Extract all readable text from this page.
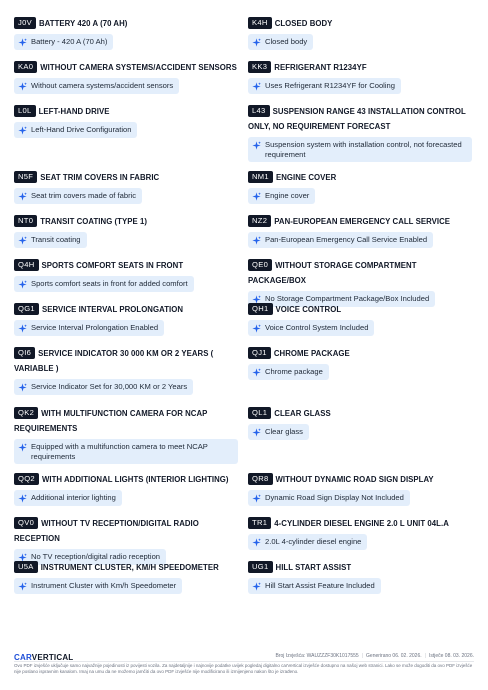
J0V BATTERY 420 A (70 AH)
Battery - 420 A (70 Ah)
K4H CLOSED BODY
Closed body
KA0 WITHOUT CAMERA SYSTEMS/ACCIDENT SENSORS
Without camera systems/accident sensors
KK3 REFRIGERANT R1234YF
Uses Refrigerant R1234YF for Cooling
L0L LEFT-HAND DRIVE
Left-Hand Drive Configuration
L43 SUSPENSION RANGE 43 INSTALLATION CONTROL ONLY, NO REQUIREMENT FORECAST
Suspension system with installation control, not forecasted requirement
N5F SEAT TRIM COVERS IN FABRIC
Seat trim covers made of fabric
NM1 ENGINE COVER
Engine cover
NT0 TRANSIT COATING (TYPE 1)
Transit coating
NZ2 PAN-EUROPEAN EMERGENCY CALL SERVICE
Pan-European Emergency Call Service Enabled
Q4H SPORTS COMFORT SEATS IN FRONT
Sports comfort seats in front for added comfort
QE0 WITHOUT STORAGE COMPARTMENT PACKAGE/BOX
No Storage Compartment Package/Box Included
QG1 SERVICE INTERVAL PROLONGATION
Service Interval Prolongation Enabled
QH1 VOICE CONTROL
Voice Control System Included
QI6 SERVICE INDICATOR 30 000 KM OR 2 YEARS ( VARIABLE )
Service Indicator Set for 30,000 KM or 2 Years
QJ1 CHROME PACKAGE
Chrome package
QK2 WITH MULTIFUNCTION CAMERA FOR NCAP REQUIREMENTS
Equipped with a multifunction camera to meet NCAP requirements
QL1 CLEAR GLASS
Clear glass
QQ2 WITH ADDITIONAL LIGHTS (INTERIOR LIGHTING)
Additional interior lighting
QR8 WITHOUT DYNAMIC ROAD SIGN DISPLAY
Dynamic Road Sign Display Not Included
QV0 WITHOUT TV RECEPTION/DIGITAL RADIO RECEPTION
No TV reception/digital radio reception
TR1 4-CYLINDER DIESEL ENGINE 2.0 L UNIT 04L.A
2.0L 4-cylinder diesel engine
U5A INSTRUMENT CLUSTER, KM/H SPEEDOMETER
Instrument Cluster with Km/h Speedometer
UG1 HILL START ASSIST
Hill Start Assist Feature Included
CARVERTICAL	Broj Izvješća: WAUZZZF30K1017555 | Generirano 06. 02. 2026. | Istječe 08. 03. 2026.
Ovo PDF izvješće uključuje samo najvažnije pojedinosti iz povijesti vozila. Za najdetaljnije i najnovije podatke uvijek pogledaj digitalno carVertical izvješće dostupno na našoj web stranici. Lako se može dogoditi da ovo PDF izvješće nije poslano ispravnim kanalom. Imaj na umu da ne možemo jamčiti da ovo PDF izvješće nije modificirano ili izmijenjeno nakon što je izrađeno.
